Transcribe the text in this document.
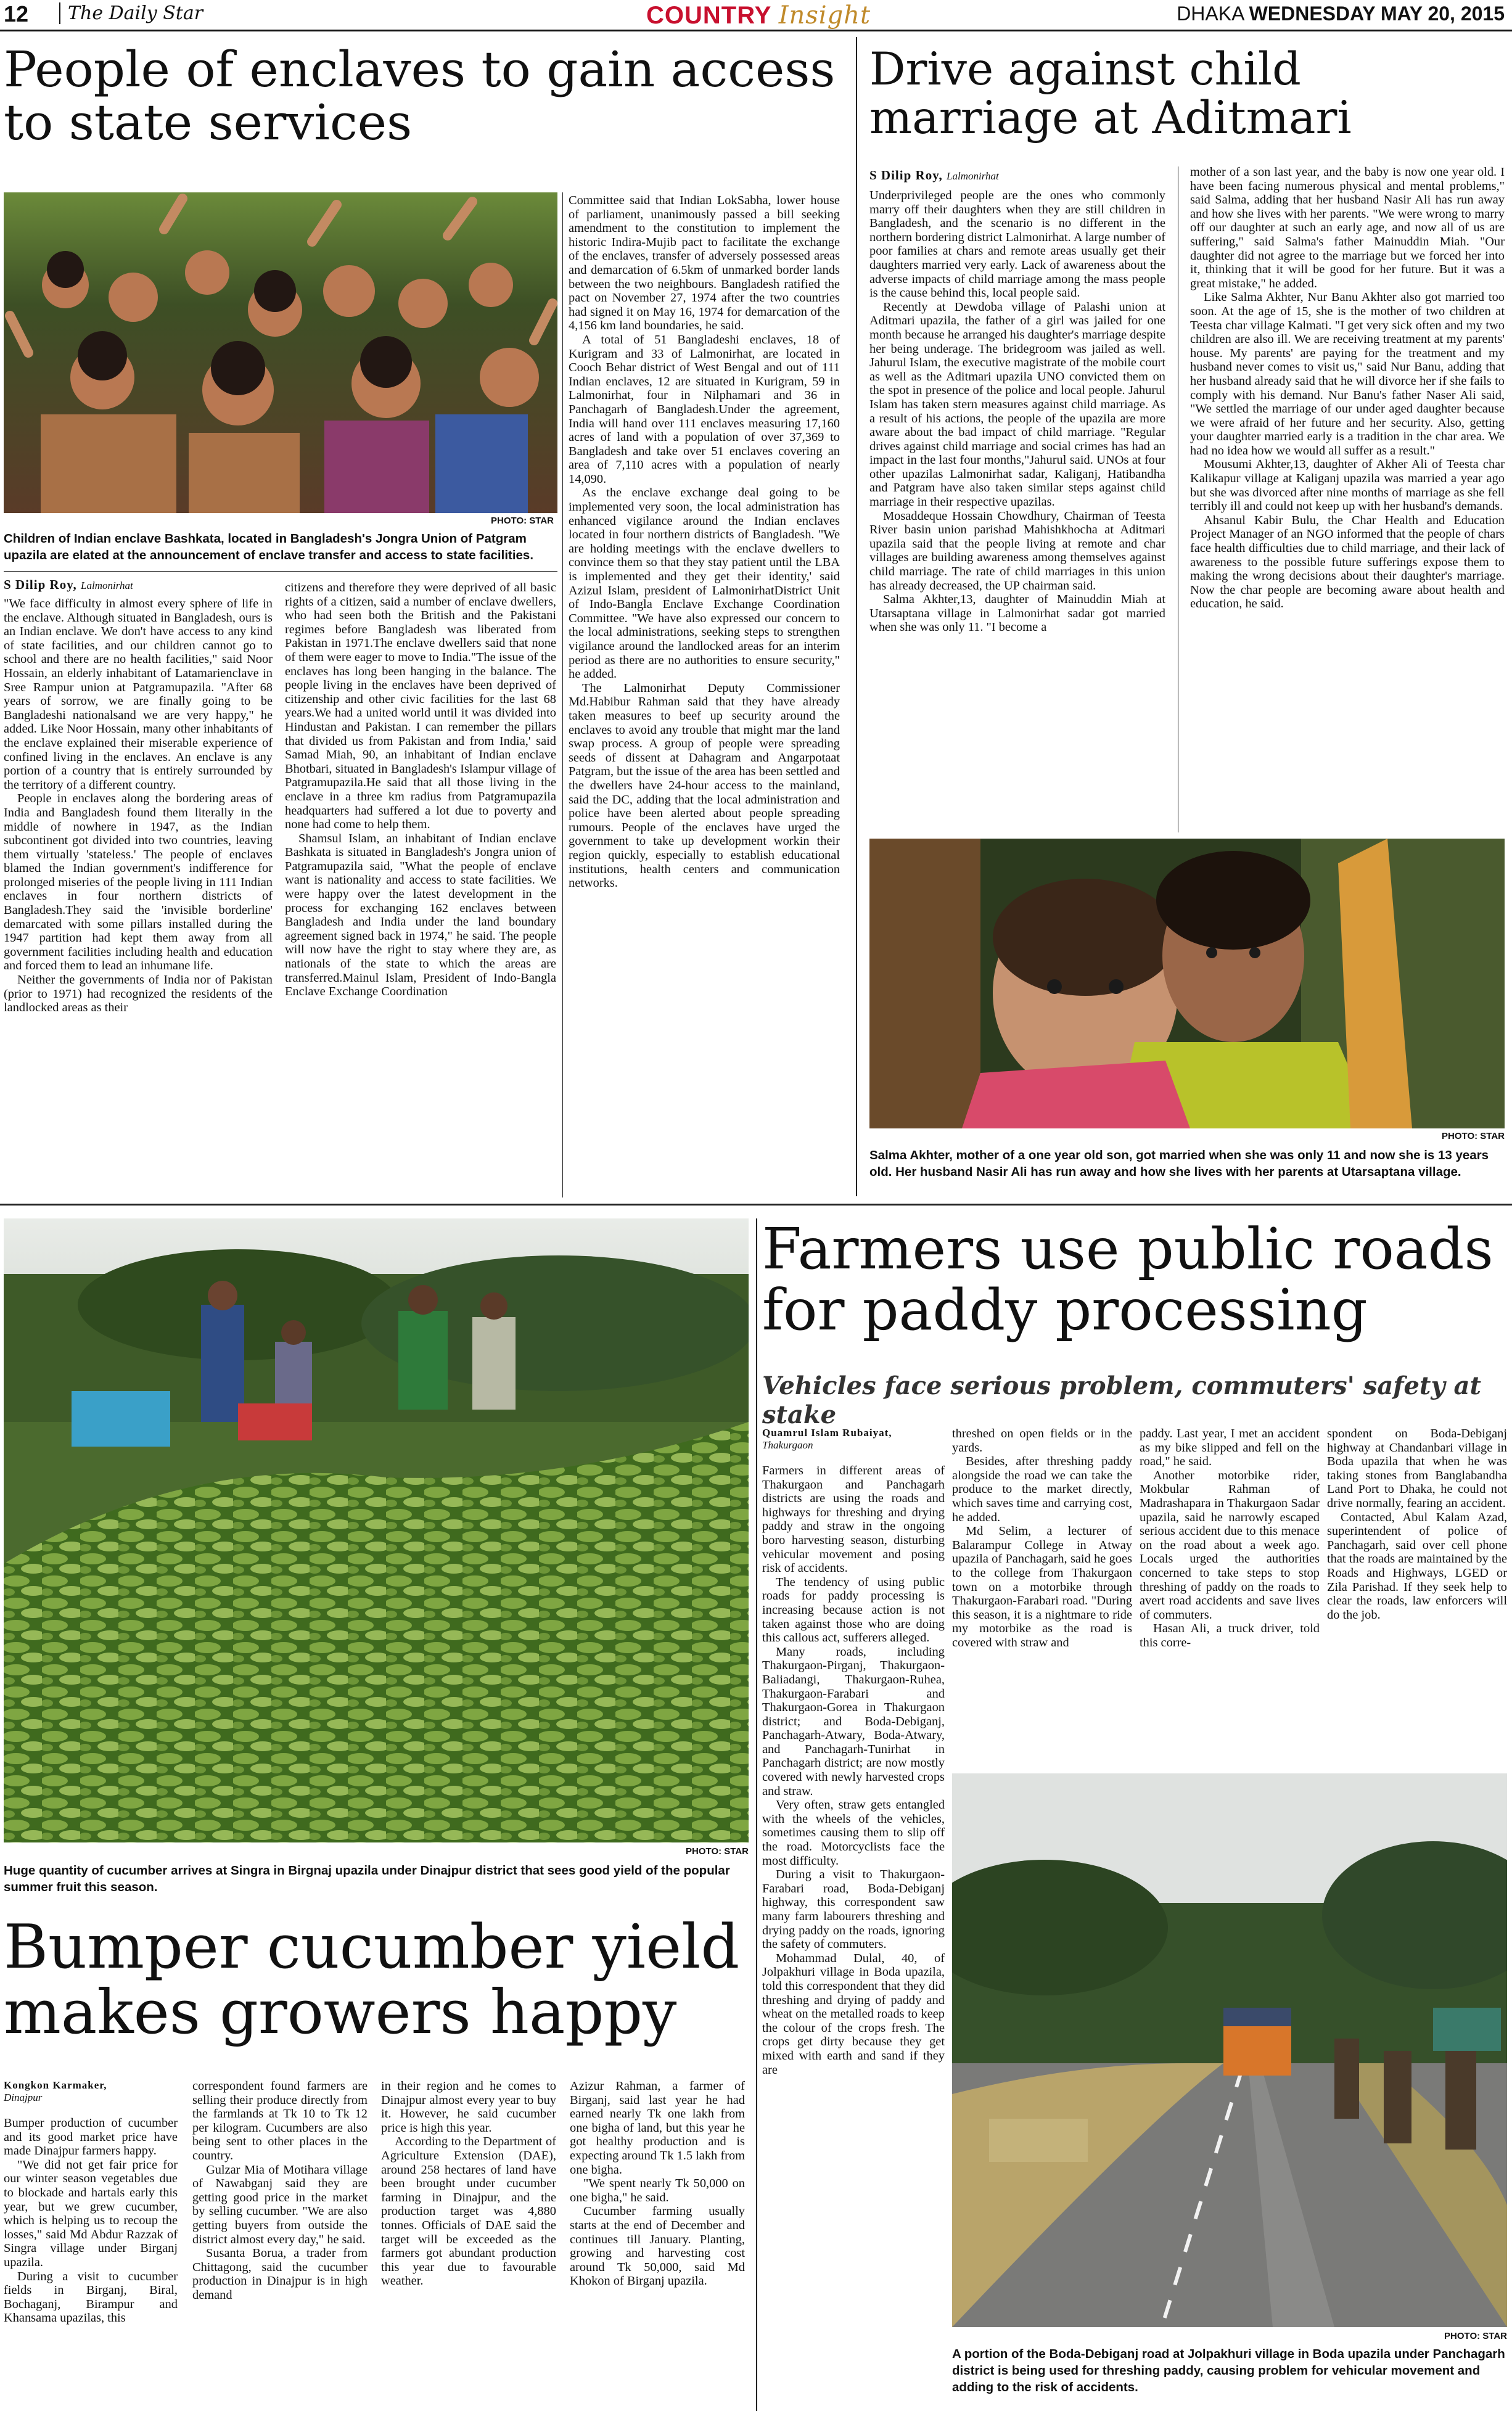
12	The Daily Star	COUNTRY Insight	DHAKA WEDNESDAY MAY 20, 2015
People of enclaves to gain access to state services
PHOTO: STAR
Children of Indian enclave Bashkata, located in Bangladesh's Jongra Union of Patgram upazila are elated at the announcement of enclave transfer and access to state facilities.
S Dilip Roy, Lalmonirhat

"We face difficulty in almost every sphere of life in the enclave. Although situated in Bangladesh, ours is an Indian enclave. We don't have access to any kind of state facilities, and our children cannot go to school and there are no health facilities," said Noor Hossain, an elderly inhabitant of Latamarienclave in Sree Rampur union at Patgramupazila. "After 68 years of sorrow, we are finally going to be Bangladeshi nationalsand we are very happy," he added. Like Noor Hossain, many other inhabitants of the enclave explained their miserable experience of confined living in the enclaves. An enclave is any portion of a country that is entirely surrounded by the territory of a different country.

People in enclaves along the bordering areas of India and Bangladesh found them literally in the middle of nowhere in 1947, as the Indian subcontinent got divided into two countries, leaving them virtually 'stateless.' The people of enclaves blamed the Indian government's indifference for prolonged miseries of the people living in 111 Indian enclaves in four northern districts of Bangladesh.They said the 'invisible borderline' demarcated with some pillars installed during the 1947 partition had kept them away from all government facilities including health and education and forced them to lead an inhumane life.

Neither the governments of India nor of Pakistan (prior to 1971) had recognized the residents of the landlocked areas as their

citizens and therefore they were deprived of all basic rights of a citizen, said a number of enclave dwellers, who had seen both the British and the Pakistani regimes before Bangladesh was liberated from Pakistan in 1971.The enclave dwellers said that none of them were eager to move to India."The issue of the enclaves has long been hanging in the balance. The people living in the enclaves have been deprived of citizenship and other civic facilities for the last 68 years.We had a united world until it was divided into Hindustan and Pakistan. I can remember the pillars that divided us from Pakistan and from India,' said Samad Miah, 90, an inhabitant of Indian enclave Bhotbari, situated in Bangladesh's Islampur village of Patgramupazila.He said that all those living in the enclave in a three km radius from Patgramupazila headquarters had suffered a lot due to poverty and none had come to help them.

Shamsul Islam, an inhabitant of Indian enclave Bashkata is situated in Bangladesh's Jongra union of Patgramupazila said, "What the people of enclave want is nationality and access to state facilities. We were happy over the latest development in the process for exchanging 162 enclaves between Bangladesh and India under the land boundary agreement signed back in 1974," he said. The people will now have the right to stay where they are, as nationals of the state to which the areas are transferred.Mainul Islam, President of Indo-Bangla Enclave Exchange Coordination

Committee said that Indian LokSabha, lower house of parliament, unanimously passed a bill seeking amendment to the constitution to implement the historic Indira-Mujib pact to facilitate the exchange of the enclaves, transfer of adversely possessed areas and demarcation of 6.5km of unmarked border lands between the two neighbours. Bangladesh ratified the pact on November 27, 1974 after the two countries had signed it on May 16, 1974 for demarcation of the 4,156 km land boundaries, he said.

A total of 51 Bangladeshi enclaves, 18 of Kurigram and 33 of Lalmonirhat, are located in Cooch Behar district of West Bengal and out of 111 Indian enclaves, 12 are situated in Kurigram, 59 in Lalmonirhat, four in Nilphamari and 36 in Panchagarh of Bangladesh.Under the agreement, India will hand over 111 enclaves measuring 17,160 acres of land with a population of over 37,369 to Bangladesh and take over 51 enclaves covering an area of 7,110 acres with a population of nearly 14,090.

As the enclave exchange deal going to be implemented very soon, the local administration has enhanced vigilance around the Indian enclaves located in four northern districts of Bangladesh. "We are holding meetings with the enclave dwellers to convince them so that they stay patient until the LBA is implemented and they get their identity,' said Azizul Islam, president of LalmonirhatDistrict Unit of Indo-Bangla Enclave Exchange Coordination Committee. "We have also expressed our concern to the local administrations, seeking steps to strengthen vigilance around the landlocked areas for an interim period as there are no authorities to ensure security," he added.

The Lalmonirhat Deputy Commissioner Md.Habibur Rahman said that they have already taken measures to beef up security around the enclaves to avoid any trouble that might mar the land swap process. A group of people were spreading seeds of dissent at Dahagram and Angarpotaat Patgram, but the issue of the area has been settled and the dwellers have 24-hour access to the mainland, said the DC, adding that the local administration and police have been alerted about people spreading rumours. People of the enclaves have urged the government to take up development workin their region quickly, especially to establish educational institutions, health centers and communication networks.

Drive against child marriage at Aditmari
S Dilip Roy, Lalmonirhat

Underprivileged people are the ones who commonly marry off their daughters when they are still children in Bangladesh, and the scenario is no different in the northern bordering district Lalmonirhat. A large number of poor families at chars and remote areas usually get their daughters married very early. Lack of awareness about the adverse impacts of child marriage among the mass people is the cause behind this, local people said.

Recently at Dewdoba village of Palashi union at Aditmari upazila, the father of a girl was jailed for one month because he arranged his daughter's marriage despite her being underage. The bridegroom was jailed as well. Jahurul Islam, the executive magistrate of the mobile court as well as the Aditmari upazila UNO convicted them on the spot in presence of the police and local people. Jahurul Islam has taken stern measures against child marriage. As a result of his actions, the people of the upazila are more aware about the bad impact of child marriage. "Regular drives against child marriage and social crimes has had an impact in the last four months,"Jahurul said. UNOs at four other upazilas Lalmonirhat sadar, Kaliganj, Hatibandha and Patgram have also taken similar steps against child marriage in their respective upazilas.

Mosaddeque Hossain Chowdhury, Chairman of Teesta River basin union parishad Mahishkhocha at Aditmari upazila said that the people living at remote and char villages are building awareness among themselves against child marriage. The rate of child marriages in this union has already decreased, the UP chairman said.

Salma Akhter,13, daughter of Mainuddin Miah at Utarsaptana village in Lalmonirhat sadar got married when she was only 11. "I become a

mother of a son last year, and the baby is now one year old. I have been facing numerous physical and mental problems," said Salma, adding that her husband Nasir Ali has run away and how she lives with her parents. "We were wrong to marry off our daughter at such an early age, and now all of us are suffering," said Salma's father Mainuddin Miah. "Our daughter did not agree to the marriage but we forced her into it, thinking that it will be good for her future. But it was a great mistake," he added.

Like Salma Akhter, Nur Banu Akhter also got married too soon. At the age of 15, she is the mother of two children at Teesta char village Kalmati. "I get very sick often and my two children are also ill. We are receiving treatment at my parents' house. My parents' are paying for the treatment and my husband never comes to visit us," said Nur Banu, adding that her husband already said that he will divorce her if she fails to comply with his demand. Nur Banu's father Naser Ali said, "We settled the marriage of our under aged daughter because we were afraid of her future and her security. Also, getting your daughter married early is a tradition in the char area. We had no idea how we would all suffer as a result."

Mousumi Akhter,13, daughter of Akher Ali of Teesta char Kalikapur village at Kaliganj upazila was married a year ago but she was divorced after nine months of marriage as she fell terribly ill and could not keep up with her husband's demands.

Ahsanul Kabir Bulu, the Char Health and Education Project Manager of an NGO informed that the people of chars face health difficulties due to child marriage, and their lack of awareness to the possible future sufferings expose them to making the wrong decisions about their daughter's marriage. Now the char people are becoming aware about health and education, he said.

PHOTO: STAR
Salma Akhter, mother of a one year old son, got married when she was only 11 and now she is 13 years old. Her husband Nasir Ali has run away and how she lives with her parents at Utarsaptana village.
PHOTO: STAR
Huge quantity of cucumber arrives at Singra in Birgnaj upazila under Dinajpur district that sees good yield of the popular summer fruit this season.
Bumper cucumber yield makes growers happy
Kongkon Karmaker,
Dinajpur

Bumper production of cucumber and its good market price have made Dinajpur farmers happy.

"We did not get fair price for our winter season vegetables due to blockade and hartals early this year, but we grew cucumber, which is helping us to recoup the losses," said Md Abdur Razzak of Singra village under Birganj upazila.

During a visit to cucumber fields in Birganj, Biral, Bochaganj, Birampur and Khansama upazilas, this

correspondent found farmers are selling their produce directly from the farmlands at Tk 10 to Tk 12 per kilogram. Cucumbers are also being sent to other places in the country.

Gulzar Mia of Motihara village of Nawabganj said they are getting good price in the market by selling cucumber. "We are also getting buyers from outside the district almost every day," he said.

Susanta Borua, a trader from Chittagong, said the cucumber production in Dinajpur is in high demand

in their region and he comes to Dinajpur almost every year to buy it. However, he said cucumber price is high this year.

According to the Department of Agriculture Extension (DAE), around 258 hectares of land have been brought under cucumber farming in Dinajpur, and the production target was 4,880 tonnes. Officials of DAE said the target will be exceeded as the farmers got abundant production this year due to favourable weather.

Azizur Rahman, a farmer of Birganj, said last year he had earned nearly Tk one lakh from one bigha of land, but this year he got healthy production and is expecting around Tk 1.5 lakh from one bigha.

"We spent nearly Tk 50,000 on one bigha," he said.

Cucumber farming usually starts at the end of December and continues till January. Planting, growing and harvesting cost around Tk 50,000, said Md Khokon of Birganj upazila.

Farmers use public roads for paddy processing
Vehicles face serious problem, commuters' safety at stake
Quamrul Islam Rubaiyat,
Thakurgaon

Farmers in different areas of Thakurgaon and Panchagarh districts are using the roads and highways for threshing and drying paddy and straw in the ongoing boro harvesting season, disturbing vehicular movement and posing risk of accidents.

The tendency of using public roads for paddy processing is increasing because action is not taken against those who are doing this callous act, sufferers alleged.

Many roads, including Thakurgaon-Pirganj, Thakurgaon-Baliadangi, Thakurgaon-Ruhea, Thakurgaon-Farabari and Thakurgaon-Gorea in Thakurgaon district; and Boda-Debiganj, Panchagarh-Atwary, Boda-Atwary, and Panchagarh-Tunirhat in Panchagarh district; are now mostly covered with newly harvested crops and straw.

Very often, straw gets entangled with the wheels of the vehicles, sometimes causing them to slip off the road. Motorcyclists face the most difficulty.

During a visit to Thakurgaon-Farabari road, Boda-Debiganj highway, this correspondent saw many farm labourers threshing and drying paddy on the roads, ignoring the safety of commuters.

Mohammad Dulal, 40, of Jolpakhuri village in Boda upazila, told this correspondent that they did threshing and drying of paddy and wheat on the metalled roads to keep the colour of the crops fresh. The crops get dirty because they get mixed with earth and sand if they are

threshed on open fields or in the yards.

Besides, after threshing paddy alongside the road we can take the produce to the market directly, which saves time and carrying cost, he added.

Md Selim, a lecturer of Balarampur College in Atway upazila of Panchagarh, said he goes to the college from Thakurgaon town on a motorbike through Thakurgaon-Farabari road. "During this season, it is a nightmare to ride my motorbike as the road is covered with straw and

paddy. Last year, I met an accident as my bike slipped and fell on the road," he said.

Another motorbike rider, Mokbular Rahman of Madrashapara in Thakurgaon Sadar upazila, said he narrowly escaped serious accident due to this menace on the road about a week ago. Locals urged the authorities concerned to take steps to stop threshing of paddy on the roads to avert road accidents and save lives of commuters.

Hasan Ali, a truck driver, told this corre-

spondent on Boda-Debiganj highway at Chandanbari village in Boda upazila that when he was taking stones from Banglabandha Land Port to Dhaka, he could not drive normally, fearing an accident.

Contacted, Abul Kalam Azad, superintendent of police of Panchagarh, said over cell phone that the roads are maintained by the Roads and Highways, LGED or Zila Parishad. If they seek help to clear the roads, law enforcers will do the job.

PHOTO: STAR
A portion of the Boda-Debiganj road at Jolpakhuri village in Boda upazila under Panchagarh district is being used for threshing paddy, causing problem for vehicular movement and adding to the risk of accidents.
